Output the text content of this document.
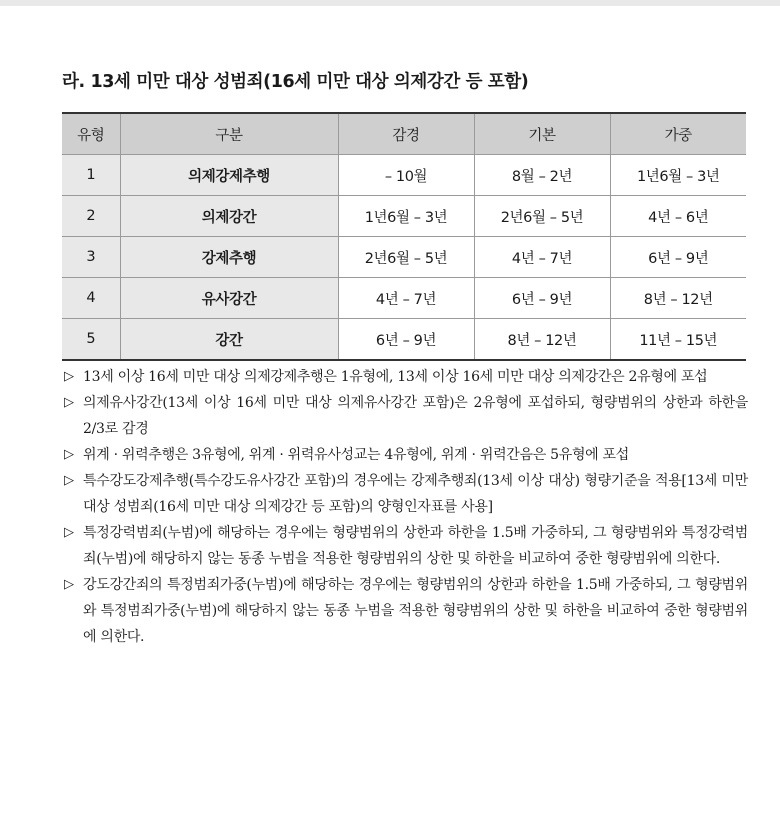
라. 13세 미만 대상 성범죄(16세 미만 대상 의제강간 등 포함)
유형	구분	감경	기본	가중
1	의제강제추행	– 10월	8월 – 2년	1년6월 – 3년
2	의제강간	1년6월 – 3년	2년6월 – 5년	4년 – 6년
3	강제추행	2년6월 – 5년	4년 – 7년	6년 – 9년
4	유사강간	4년 – 7년	6년 – 9년	8년 – 12년
5	강간	6년 – 9년	8년 – 12년	11년 – 15년
▷ 13세 이상 16세 미만 대상 의제강제추행은 1유형에, 13세 이상 16세 미만 대상 의제강간은 2유형에 포섭
▷ 의제유사강간(13세 이상 16세 미만 대상 의제유사강간 포함)은 2유형에 포섭하되, 형량범위의 상한과 하한을 2/3로 감경
▷ 위계 · 위력추행은 3유형에, 위계 · 위력유사성교는 4유형에, 위계 · 위력간음은 5유형에 포섭
▷ 특수강도강제추행(특수강도유사강간 포함)의 경우에는 강제추행죄(13세 이상 대상) 형량기준을 적용[13세 미만 대상 성범죄(16세 미만 대상 의제강간 등 포함)의 양형인자표를 사용]
▷ 특정강력범죄(누범)에 해당하는 경우에는 형량범위의 상한과 하한을 1.5배 가중하되, 그 형량범위와 특정강력범죄(누범)에 해당하지 않는 동종 누범을 적용한 형량범위의 상한 및 하한을 비교하여 중한 형량범위에 의한다.
▷ 강도강간죄의 특정범죄가중(누범)에 해당하는 경우에는 형량범위의 상한과 하한을 1.5배 가중하되, 그 형량범위와 특정범죄가중(누범)에 해당하지 않는 동종 누범을 적용한 형량범위의 상한 및 하한을 비교하여 중한 형량범위에 의한다.
